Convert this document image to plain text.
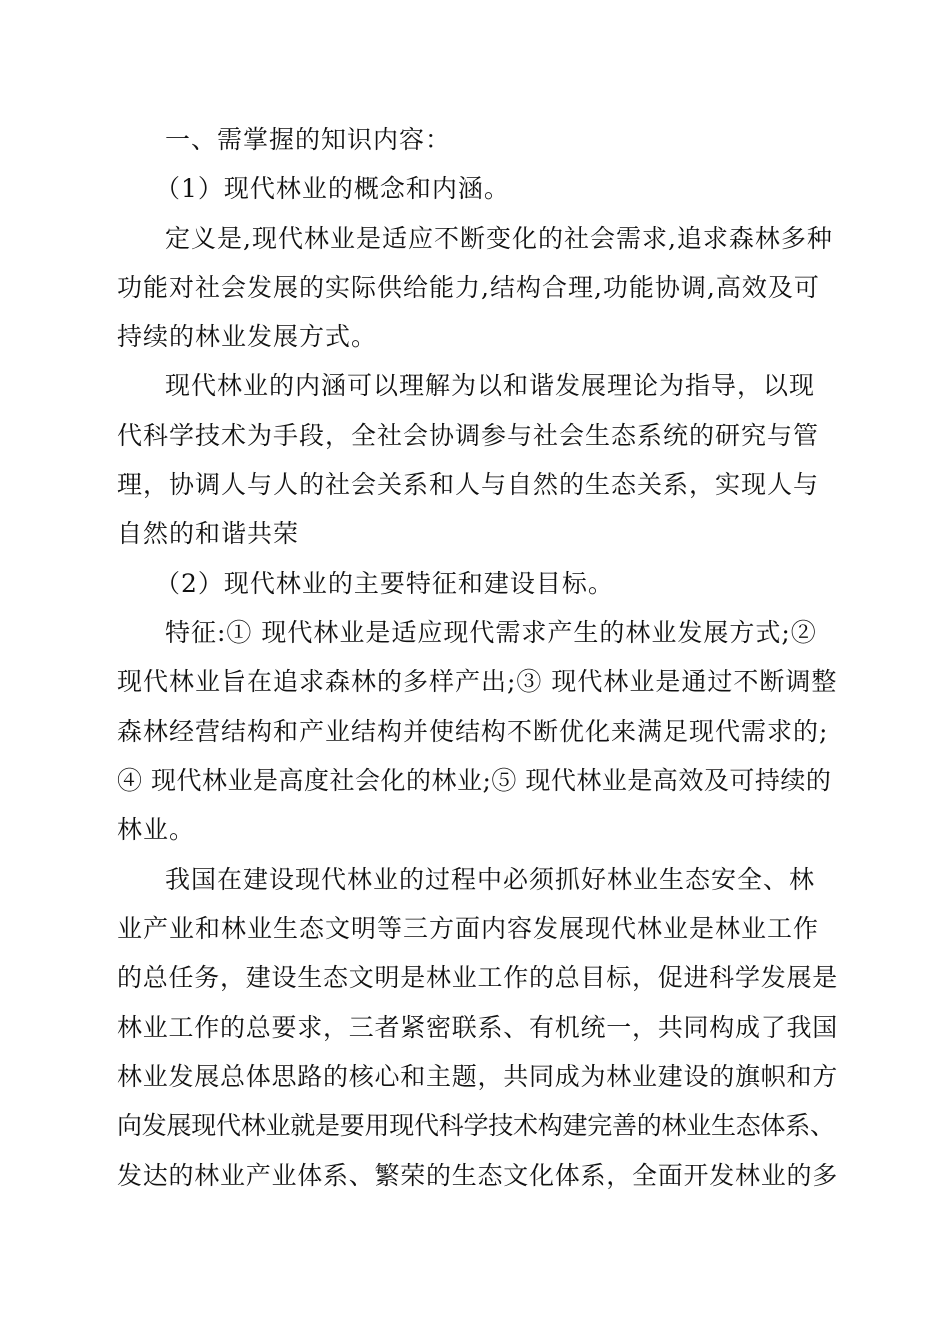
一、需掌握的知识内容：
（1）现代林业的概念和内涵。
定义是,现代林业是适应不断变化的社会需求,追求森林多种
功能对社会发展的实际供给能力,结构合理,功能协调,高效及可
持续的林业发展方式。
现代林业的内涵可以理解为以和谐发展理论为指导，以现
代科学技术为手段，全社会协调参与社会生态系统的研究与管
理，协调人与人的社会关系和人与自然的生态关系，实现人与
自然的和谐共荣
（2）现代林业的主要特征和建设目标。
特征:① 现代林业是适应现代需求产生的林业发展方式;②
现代林业旨在追求森林的多样产出;③ 现代林业是通过不断调整
森林经营结构和产业结构并使结构不断优化来满足现代需求的;
④ 现代林业是高度社会化的林业;⑤ 现代林业是高效及可持续的
林业。
我国在建设现代林业的过程中必须抓好林业生态安全、林
业产业和林业生态文明等三方面内容发展现代林业是林业工作
的总任务，建设生态文明是林业工作的总目标，促进科学发展是
林业工作的总要求，三者紧密联系、有机统一，共同构成了我国
林业发展总体思路的核心和主题，共同成为林业建设的旗帜和方
向发展现代林业就是要用现代科学技术构建完善的林业生态体系、
发达的林业产业体系、繁荣的生态文化体系，全面开发林业的多
